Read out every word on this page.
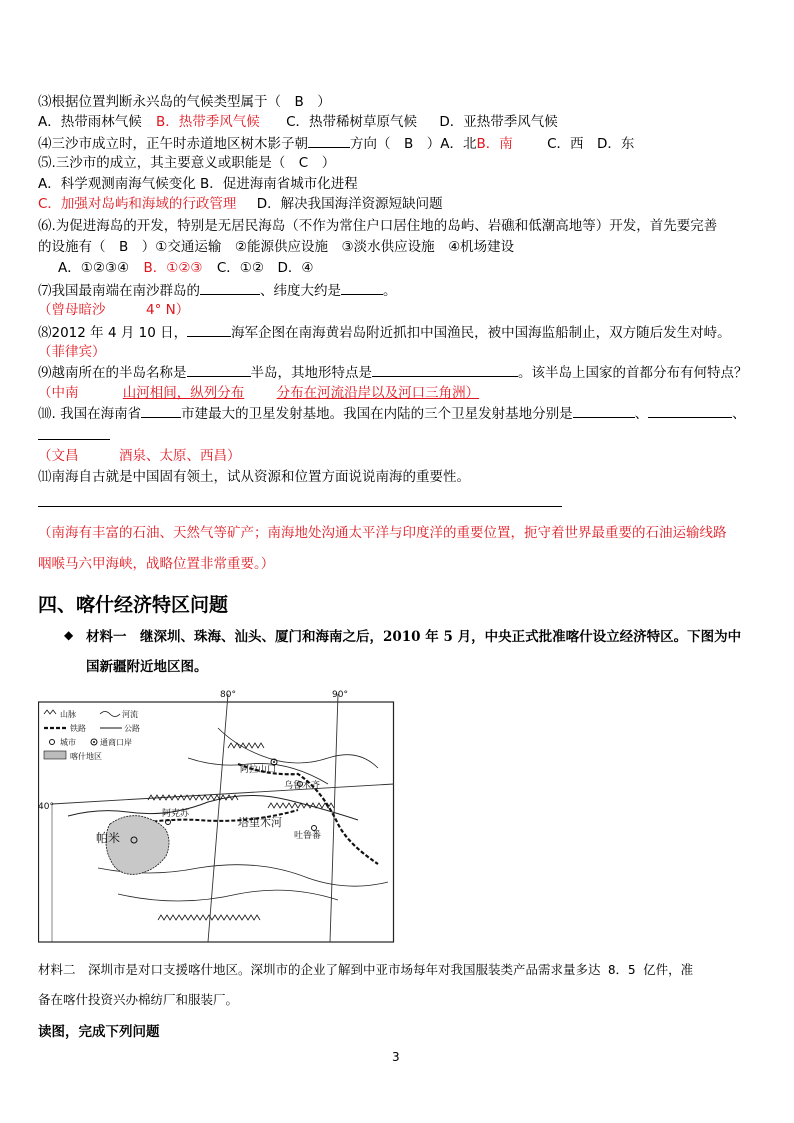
⑶根据位置判断永兴岛的气候类型属于（　B　）
A．热带雨林气候 B．热带季风气候 C．热带稀树草原气候 D．亚热带季风气候
⑷三沙市成立时，正午时赤道地区树木影子朝	方向（　B　）A．北B．南	C．西　D．东
⑸.三沙市的成立，其主要意义或职能是（　C　）
A．科学观测南海气候变化 B．促进海南省城市化进程
C．加强对岛屿和海域的行政管理 D．解决我国海洋资源短缺问题
⑹.为促进海岛的开发，特别是无居民海岛（不作为常住户口居住地的岛屿、岩礁和低潮高地等）开发，首先要完善
的设施有（　B　）①交通运输　②能源供应设施　③淡水供应设施　④机场建设
A．①②③④ B．①②③ C．①②　D．④
⑺我国最南端在南沙群岛的	、纬度大约是	。
（曾母暗沙　　　4° N）
⑻2012 年 4 月 10 日，	海军企图在南海黄岩岛附近抓扣中国渔民，被中国海监船制止，双方随后发生对峙。
（菲律宾）
⑼越南所在的半岛名称是	半岛，其地形特点是	。该半岛上国家的首都分布有何特点？
（中南	山河相间，纵列分布 分布在河流沿岸以及河口三角洲）
⑽. 我国在海南省	市建最大的卫星发射基地。我国在内陆的三个卫星发射基地分别是	、	、
（文昌　　　酒泉、太原、西昌）
⑾南海自古就是中国固有领土，试从资源和位置方面说说南海的重要性。
（南海有丰富的石油、天然气等矿产；南海地处沟通太平洋与印度洋的重要位置，扼守着世界最重要的石油运输线路
咽喉马六甲海峡，战略位置非常重要。）
四、喀什经济特区问题
◆ 材料一　继深圳、珠海、汕头、厦门和海南之后，2010 年 5 月，中央正式批准喀什设立经济特区。下图为中
国新疆附近地区图。
山脉	河流
铁路	公路
城市	通商口岸
喀什地区
80°	90°
40°
阿拉山口
乌鲁木齐
阿克苏
吐鲁番
塔里木河
帕米
材料二　深圳市是对口支援喀什地区。深圳市的企业了解到中亚市场每年对我国服装类产品需求量多达 8．5 亿件，准
备在喀什投资兴办棉纺厂和服装厂。
读图，完成下列问题
3
